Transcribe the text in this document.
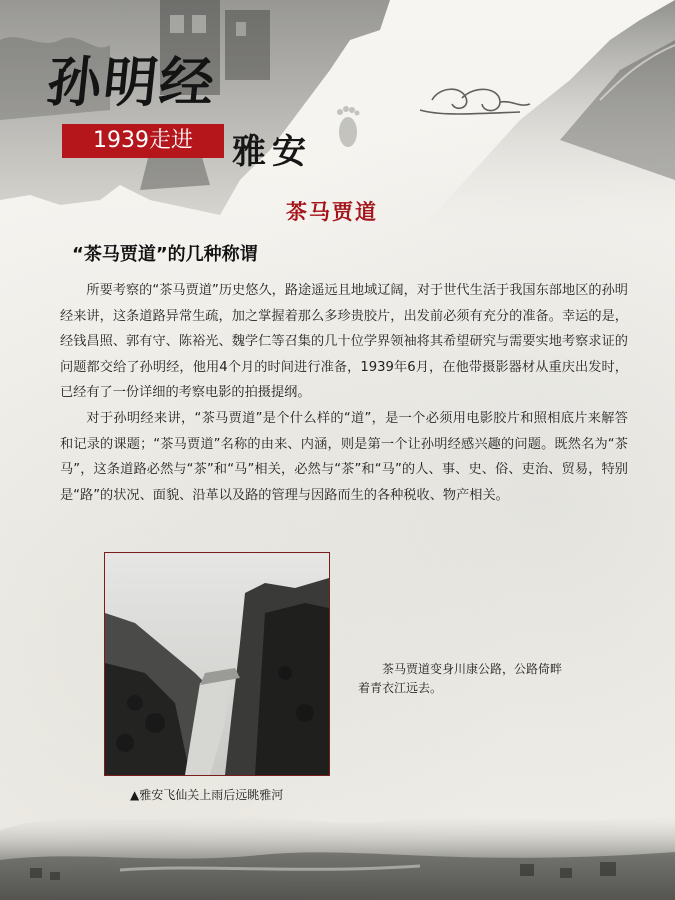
孙明经
1939走进	雅安
茶马贾道
“茶马贾道”的几种称谓

所要考察的“茶马贾道”历史悠久，路途遥远且地域辽阔，对于世代生活于我国东部地区的孙明经来讲，这条道路异常生疏，加之掌握着那么多珍贵胶片，出发前必须有充分的准备。幸运的是，经钱昌照、郭有守、陈裕光、魏学仁等召集的几十位学界领袖将其希望研究与需要实地考察求证的问题都交给了孙明经，他用4个月的时间进行准备，1939年6月，在他带摄影器材从重庆出发时，已经有了一份详细的考察电影的拍摄提纲。

对于孙明经来讲，“茶马贾道”是个什么样的“道”，是一个必须用电影胶片和照相底片来解答和记录的课题；“茶马贾道”名称的由来、内涵，则是第一个让孙明经感兴趣的问题。既然名为“茶马”，这条道路必然与“茶”和“马”相关，必然与“茶”和“马”的人、事、史、俗、吏治、贸易，特别是“路”的状况、面貌、沿革以及路的管理与因路而生的各种税收、物产相关。

▲雅安飞仙关上雨后远眺雅河
茶马贾道变身川康公路，公路倚畔
着青衣江远去。
